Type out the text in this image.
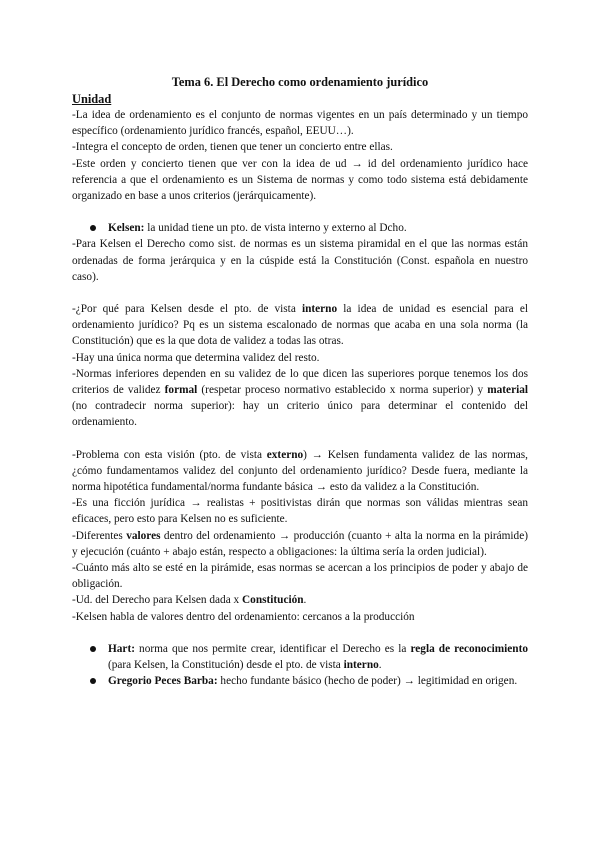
Tema 6. El Derecho como ordenamiento jurídico
Unidad

-La idea de ordenamiento es el conjunto de normas vigentes en un país determinado y un tiempo específico (ordenamiento jurídico francés, español, EEUU…).

-Integra el concepto de orden, tienen que tener un concierto entre ellas.

-Este orden y concierto tienen que ver con la idea de ud → id del ordenamiento jurídico hace referencia a que el ordenamiento es un Sistema de normas y como todo sistema está debidamente organizado en base a unos criterios (jerárquicamente).

Kelsen: la unidad tiene un pto. de vista interno y externo al Dcho.

-Para Kelsen el Derecho como sist. de normas es un sistema piramidal en el que las normas están ordenadas de forma jerárquica y en la cúspide está la Constitución (Const. española en nuestro caso).

-¿Por qué para Kelsen desde el pto. de vista interno la idea de unidad es esencial para el ordenamiento jurídico? Pq es un sistema escalonado de normas que acaba en una sola norma (la Constitución) que es la que dota de validez a todas las otras.

-Hay una única norma que determina validez del resto.

-Normas inferiores dependen en su validez de lo que dicen las superiores porque tenemos los dos criterios de validez formal (respetar proceso normativo establecido x norma superior) y material (no contradecir norma superior): hay un criterio único para determinar el contenido del ordenamiento.

-Problema con esta visión (pto. de vista externo) → Kelsen fundamenta validez de las normas, ¿cómo fundamentamos validez del conjunto del ordenamiento jurídico? Desde fuera, mediante la norma hipotética fundamental/norma fundante básica → esto da validez a la Constitución.

-Es una ficción jurídica → realistas + positivistas dirán que normas son válidas mientras sean eficaces, pero esto para Kelsen no es suficiente.

-Diferentes valores dentro del ordenamiento → producción (cuanto + alta la norma en la pirámide) y ejecución (cuánto + abajo están, respecto a obligaciones: la última sería la orden judicial).

-Cuánto más alto se esté en la pirámide, esas normas se acercan a los principios de poder y abajo de obligación.

-Ud. del Derecho para Kelsen dada x Constitución.

-Kelsen habla de valores dentro del ordenamiento: cercanos a la producción

Hart: norma que nos permite crear, identificar el Derecho es la regla de reconocimiento (para Kelsen, la Constitución) desde el pto. de vista interno.
Gregorio Peces Barba: hecho fundante básico (hecho de poder) → legitimidad en origen.
